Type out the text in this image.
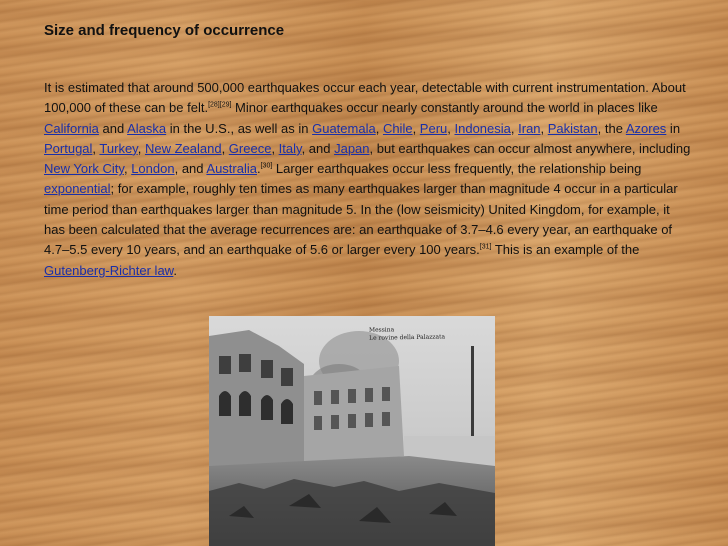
Size and frequency of occurrence
It is estimated that around 500,000 earthquakes occur each year, detectable with current instrumentation. About 100,000 of these can be felt.[28][29] Minor earthquakes occur nearly constantly around the world in places like California and Alaska in the U.S., as well as in Guatemala, Chile, Peru, Indonesia, Iran, Pakistan, the Azores in Portugal, Turkey, New Zealand, Greece, Italy, and Japan, but earthquakes can occur almost anywhere, including New York City, London, and Australia.[30] Larger earthquakes occur less frequently, the relationship being exponential; for example, roughly ten times as many earthquakes larger than magnitude 4 occur in a particular time period than earthquakes larger than magnitude 5. In the (low seismicity) United Kingdom, for example, it has been calculated that the average recurrences are: an earthquake of 3.7–4.6 every year, an earthquake of 4.7–5.5 every 10 years, and an earthquake of 5.6 or larger every 100 years.[31] This is an example of the Gutenberg-Richter law.
Messina
Le rovine della Palazzata
